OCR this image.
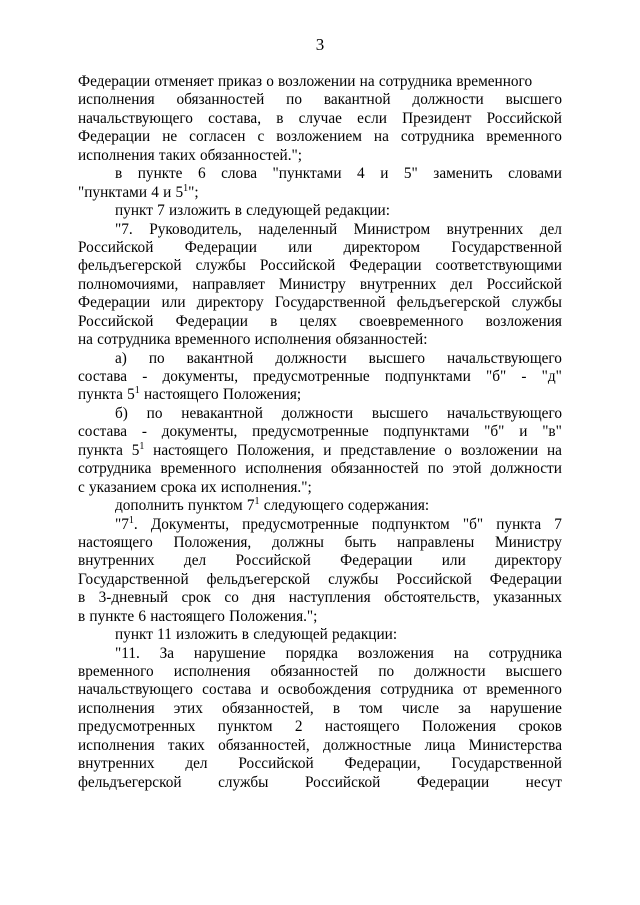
3
Федерации отменяет приказ о возложении на сотрудника временного
исполнения обязанностей по вакантной должности высшего
начальствующего состава, в случае если Президент Российской
Федерации не согласен с возложением на сотрудника временного
исполнения таких обязанностей.";
в пункте 6 слова "пунктами 4 и 5" заменить словами
"пунктами 4 и $5^1$";
пункт 7 изложить в следующей редакции:
"7. Руководитель, наделенный Министром внутренних дел
Российской Федерации или директором Государственной
фельдъегерской службы Российской Федерации соответствующими
полномочиями, направляет Министру внутренних дел Российской
Федерации или директору Государственной фельдъегерской службы
Российской Федерации в целях своевременного возложения
на сотрудника временного исполнения обязанностей:
а) по вакантной должности высшего начальствующего
состава - документы, предусмотренные подпунктами "б" - "д"
пункта $5^1$ настоящего Положения;
б) по невакантной должности высшего начальствующего
состава - документы, предусмотренные подпунктами "б" и "в"
пункта $5^1$ настоящего Положения, и представление о возложении на
сотрудника временного исполнения обязанностей по этой должности
с указанием срока их исполнения.";
дополнить пунктом $7^1$ следующего содержания:
"$7^1$. Документы, предусмотренные подпунктом "б" пункта 7
настоящего Положения, должны быть направлены Министру
внутренних дел Российской Федерации или директору
Государственной фельдъегерской службы Российской Федерации
в 3-дневный срок со дня наступления обстоятельств, указанных
в пункте 6 настоящего Положения.";
пункт 11 изложить в следующей редакции:
"11. За нарушение порядка возложения на сотрудника
временного исполнения обязанностей по должности высшего
начальствующего состава и освобождения сотрудника от временного
исполнения этих обязанностей, в том числе за нарушение
предусмотренных пунктом 2 настоящего Положения сроков
исполнения таких обязанностей, должностные лица Министерства
внутренних дел Российской Федерации, Государственной
фельдъегерской службы Российской Федерации несут
